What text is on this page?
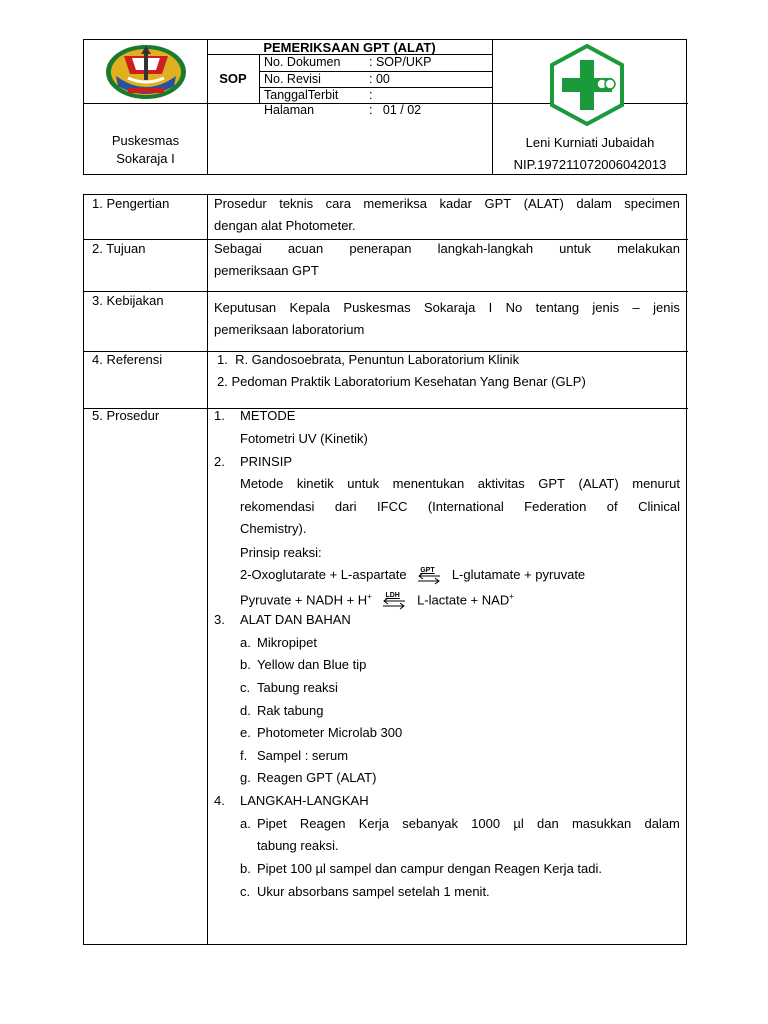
PEMERIKSAAN GPT (ALAT)
SOP
No. Dokumen : SOP/UKP
No. Revisi	: 00
TanggalTerbit :
Halaman	:   01 / 02
Puskesmas
Sokaraja I
Leni Kurniati Jubaidah
NIP.197211072006042013
1. Pengertian	Prosedur teknis cara memeriksa kadar GPT (ALAT) dalam specimen
dengan alat Photometer.
2. Tujuan	Sebagai acuan penerapan langkah-langkah untuk melakukan
pemeriksaan GPT
3. Kebijakan	Keputusan Kepala Puskesmas Sokaraja I No tentang jenis – jenis
pemeriksaan laboratorium
4. Referensi	1.  R. Gandosoebrata, Penuntun Laboratorium Klinik
2. Pedoman Praktik Laboratorium Kesehatan Yang Benar (GLP)
5. Prosedur	1. METODE
Fotometri UV (Kinetik)
2. PRINSIP
Metode kinetik untuk menentukan aktivitas GPT (ALAT) menurut
rekomendasi dari IFCC (International Federation of Clinical
Chemistry).
Prinsip reaksi:
2-Oxoglutarate + L-aspartate GPT L-glutamate + pyruvate
Pyruvate + NADH + H+ LDH L-lactate + NAD+
3. ALAT DAN BAHAN
a. Mikropipet
b. Yellow dan Blue tip
c. Tabung reaksi
d. Rak tabung
e. Photometer Microlab 300
f. Sampel : serum
g. Reagen GPT (ALAT)
4. LANGKAH-LANGKAH
a. Pipet Reagen Kerja sebanyak 1000 µl dan masukkan dalam
tabung reaksi.
b. Pipet 100 µl sampel dan campur dengan Reagen Kerja tadi.
c. Ukur absorbans sampel setelah 1 menit.
